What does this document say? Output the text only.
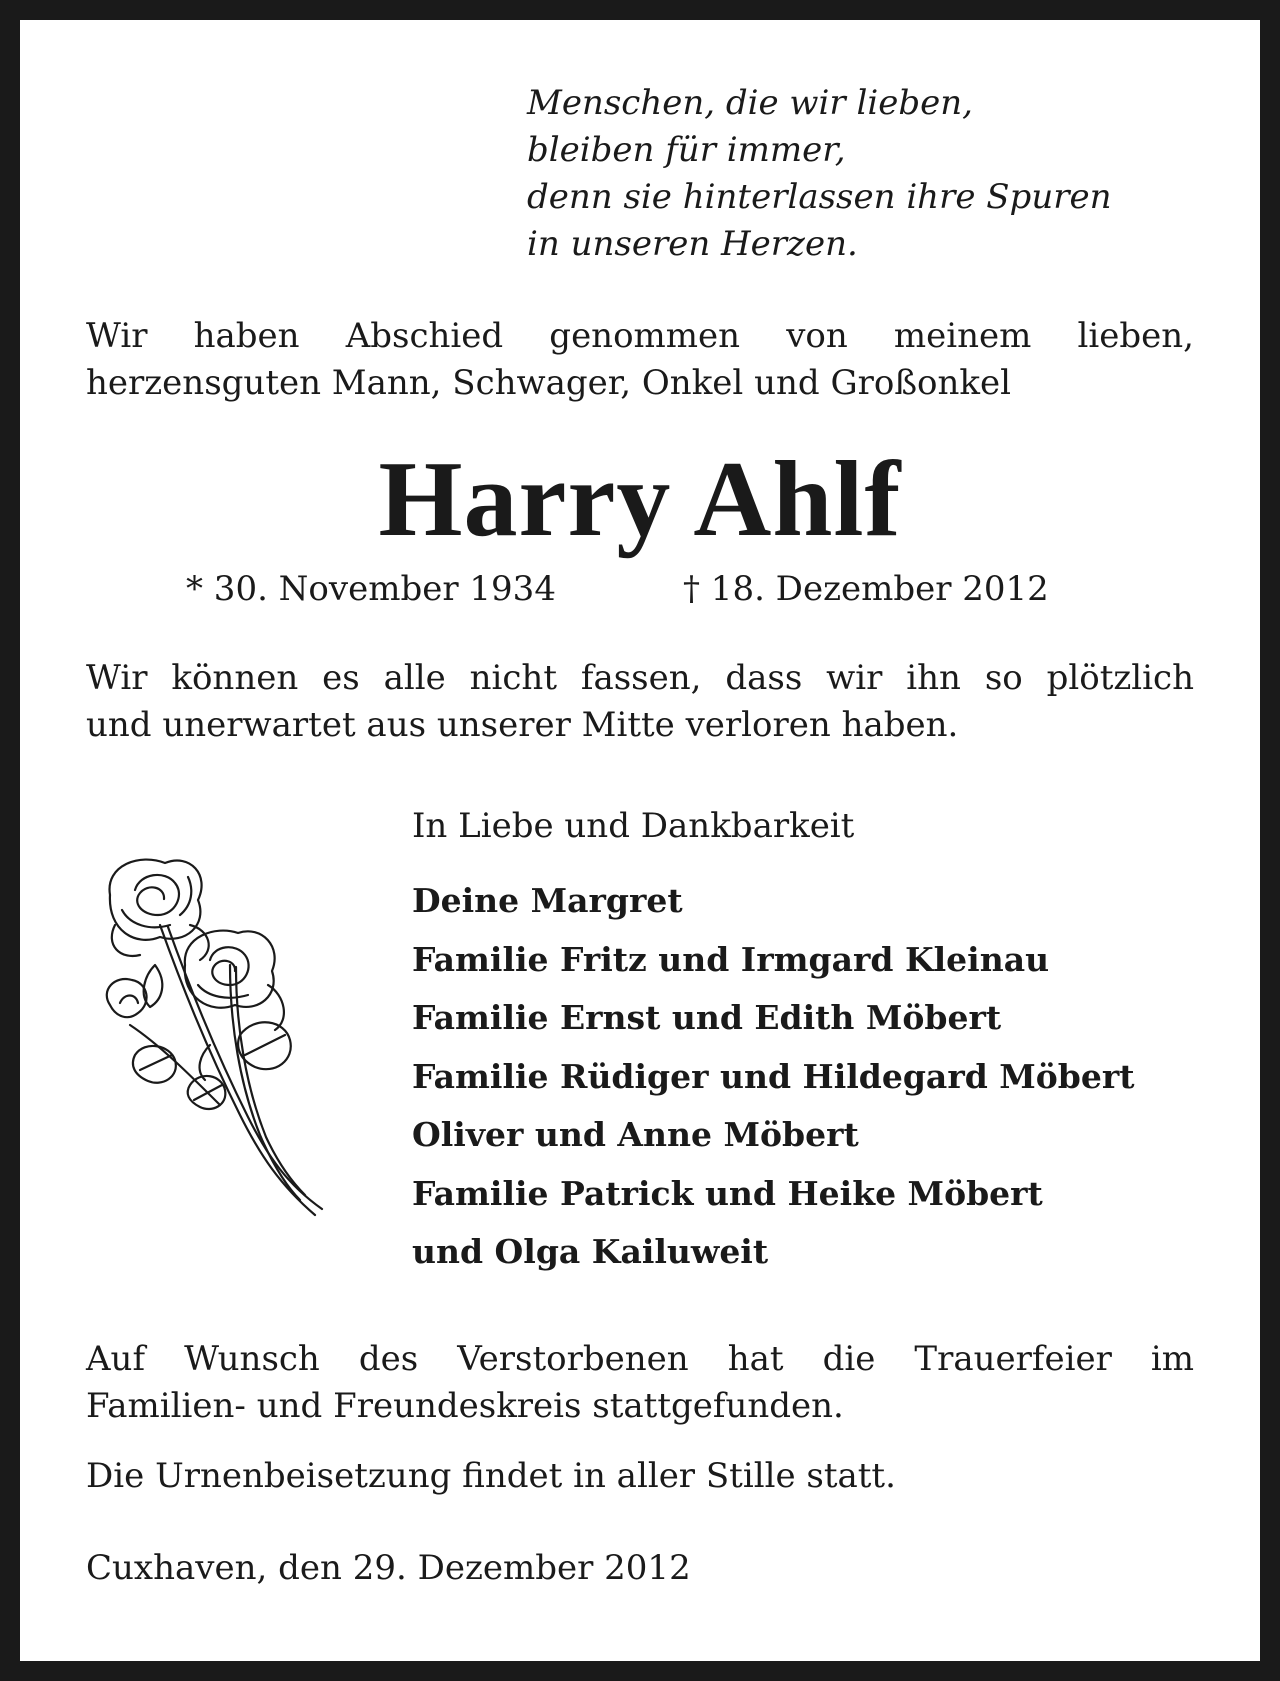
Menschen, die wir lieben,
bleiben für immer,
denn sie hinterlassen ihre Spuren
in unseren Herzen.
Wir haben Abschied genommen von meinem lieben,
herzensguten Mann, Schwager, Onkel und Großonkel
Harry Ahlf
* 30. November 1934	† 18. Dezember 2012
Wir können es alle nicht fassen, dass wir ihn so plötzlich
und unerwartet aus unserer Mitte verloren haben.
In Liebe und Dankbarkeit
Deine Margret
Familie Fritz und Irmgard Kleinau
Familie Ernst und Edith Möbert
Familie Rüdiger und Hildegard Möbert
Oliver und Anne Möbert
Familie Patrick und Heike Möbert
und Olga Kailuweit
Auf Wunsch des Verstorbenen hat die Trauerfeier im
Familien- und Freundeskreis stattgefunden.
Die Urnenbeisetzung findet in aller Stille statt.
Cuxhaven, den 29. Dezember 2012
